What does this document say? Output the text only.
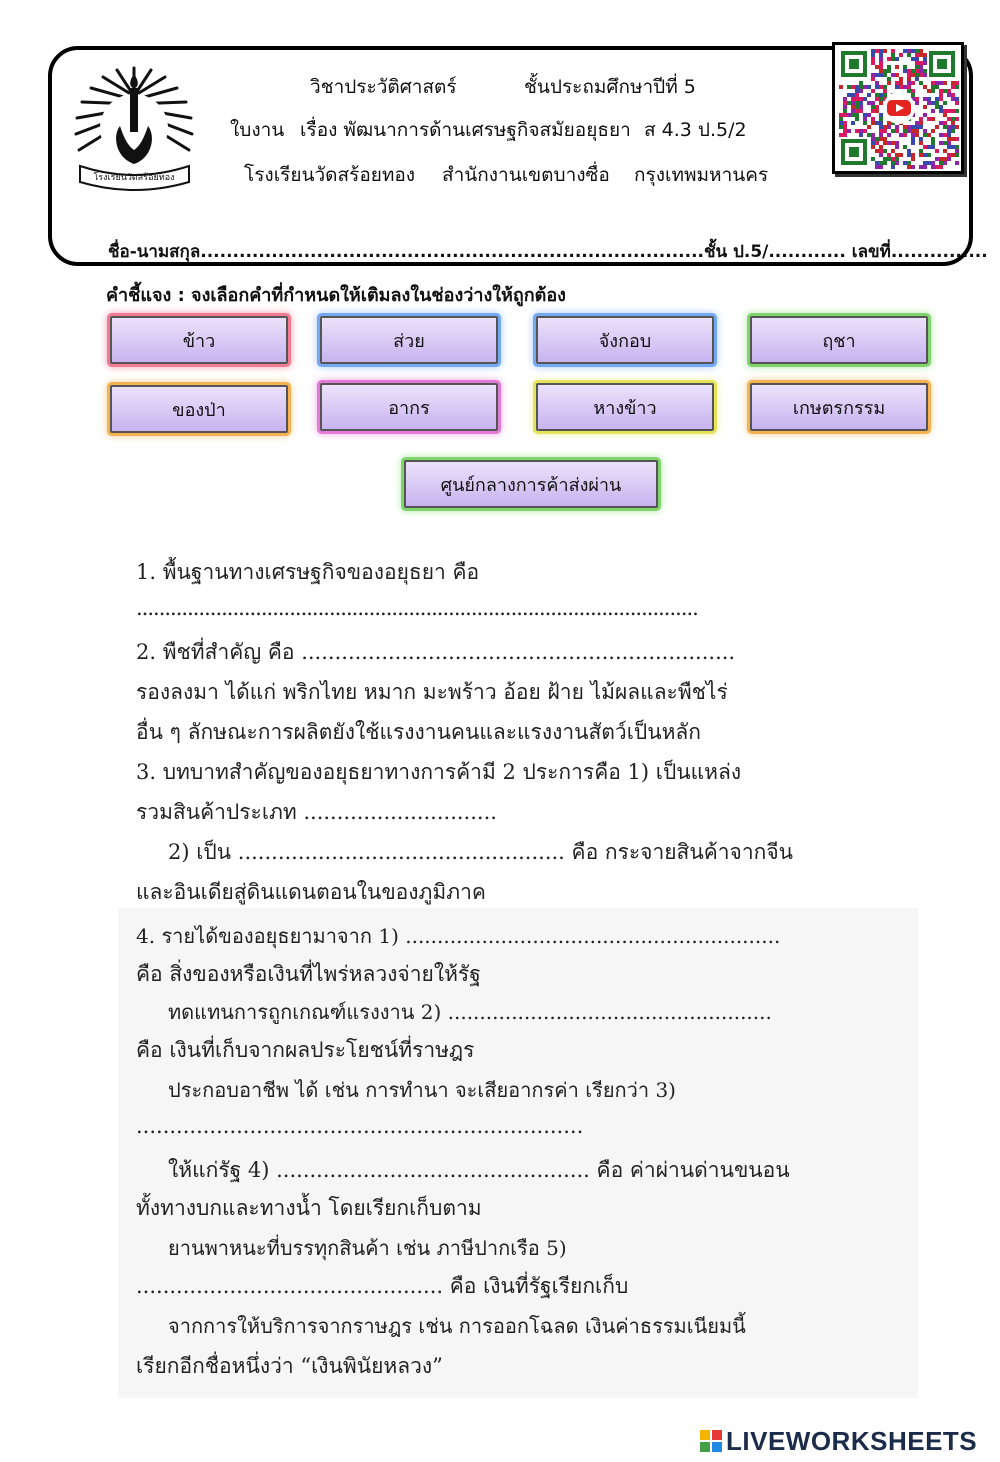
โรงเรียนวัดสร้อยทอง
วิชาประวัติศาสตร์	ชั้นประถมศึกษาปีที่ 5
ใบงาน เรื่อง พัฒนาการด้านเศรษฐกิจสมัยอยุธยา ส 4.3 ป.5/2
โรงเรียนวัดสร้อยทอง สำนักงานเขตบางซื่อ กรุงเทพมหานคร
ชื่อ-นามสกุล..............................................................................ชั้น ป.5/............ เลขที่...............
คำชี้แจง : จงเลือกคำที่กำหนดให้เติมลงในช่องว่างให้ถูกต้อง
ข้าว	ส่วย	จังกอบ	ฤชา
ของป่า	อากร	หางข้าว	เกษตรกรรม
ศูนย์กลางการค้าส่งผ่าน
1. พื้นฐานทางเศรษฐกิจของอยุธยา คือ
...................................................................................................
2. พืชที่สำคัญ คือ .................................................................
รองลงมา ได้แก่ พริกไทย หมาก มะพร้าว อ้อย ฝ้าย ไม้ผลและพืชไร่
อื่น ๆ ลักษณะการผลิตยังใช้แรงงานคนและแรงงานสัตว์เป็นหลัก
3. บทบาทสำคัญของอยุธยาทางการค้ามี 2 ประการคือ 1) เป็นแหล่ง
รวมสินค้าประเภท .............................
2) เป็น ................................................. คือ กระจายสินค้าจากจีน
และอินเดียสู่ดินแดนตอนในของภูมิภาค
4. รายได้ของอยุธยามาจาก 1) ...........................................................
คือ สิ่งของหรือเงินที่ไพร่หลวงจ่ายให้รัฐ
ทดแทนการถูกเกณฑ์แรงงาน 2) ...................................................
คือ เงินที่เก็บจากผลประโยชน์ที่ราษฎร
ประกอบอาชีพ ได้ เช่น การทำนา จะเสียอากรค่า เรียกว่า 3)
...................................................................
ให้แก่รัฐ 4) ............................................... คือ ค่าผ่านด่านขนอน
ทั้งทางบกและทางน้ำ โดยเรียกเก็บตาม
ยานพาหนะที่บรรทุกสินค้า เช่น ภาษีปากเรือ 5)
.............................................. คือ เงินที่รัฐเรียกเก็บ
จากการให้บริการจากราษฎร เช่น การออกโฉลด เงินค่าธรรมเนียมนี้
เรียกอีกชื่อหนึ่งว่า “เงินพินัยหลวง”
LIVEWORKSHEETS
